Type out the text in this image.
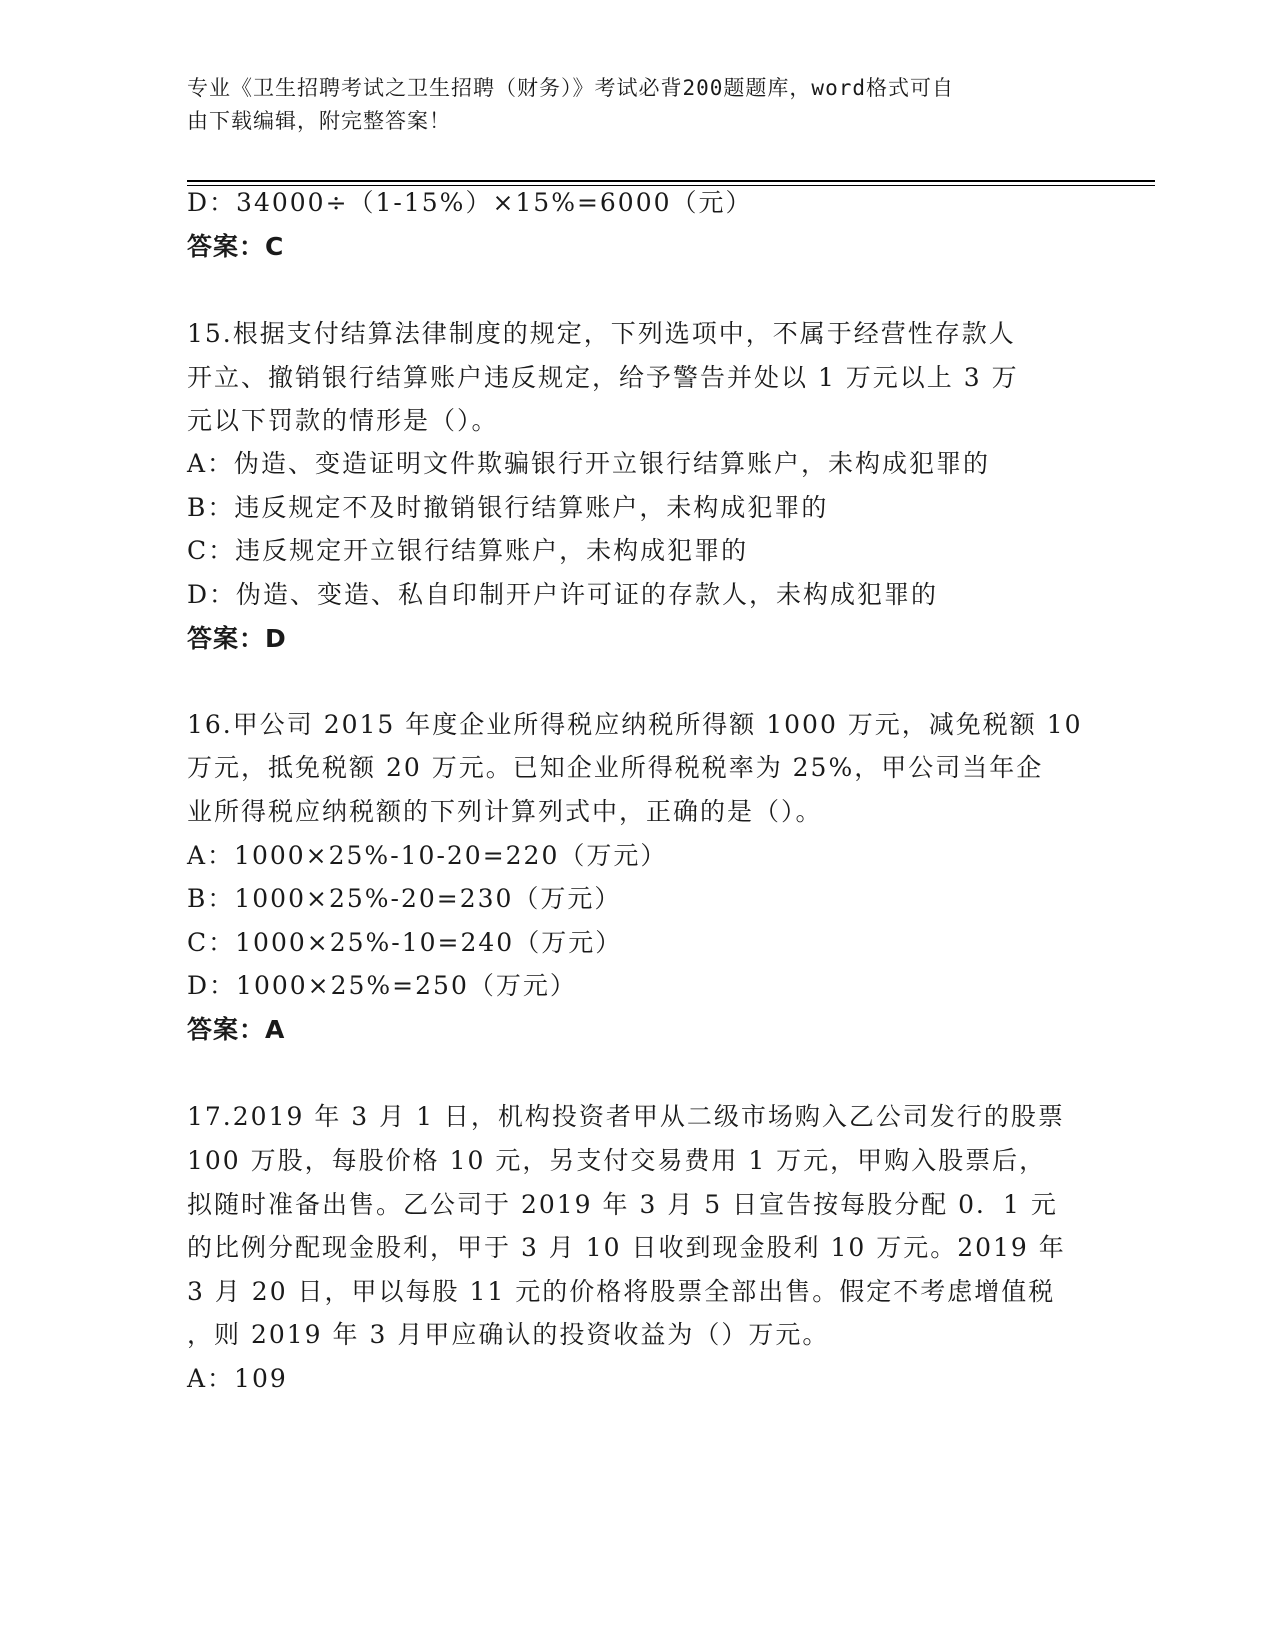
专业《卫生招聘考试之卫生招聘（财务）》考试必背200题题库，word格式可自
由下载编辑，附完整答案！
D：34000÷（1-15%）×15%=6000（元）
答案：C
15.根据支付结算法律制度的规定，下列选项中，不属于经营性存款人
开立、撤销银行结算账户违反规定，给予警告并处以 1 万元以上 3 万
元以下罚款的情形是（）。
A：伪造、变造证明文件欺骗银行开立银行结算账户，未构成犯罪的
B：违反规定不及时撤销银行结算账户，未构成犯罪的
C：违反规定开立银行结算账户，未构成犯罪的
D：伪造、变造、私自印制开户许可证的存款人，未构成犯罪的
答案：D
16.甲公司 2015 年度企业所得税应纳税所得额 1000 万元，减免税额 10
万元，抵免税额 20 万元。已知企业所得税税率为 25%，甲公司当年企
业所得税应纳税额的下列计算列式中，正确的是（）。
A：1000×25%-10-20=220（万元）
B：1000×25%-20=230（万元）
C：1000×25%-10=240（万元）
D：1000×25%=250（万元）
答案：A
17.2019 年 3 月 1 日，机构投资者甲从二级市场购入乙公司发行的股票
100 万股，每股价格 10 元，另支付交易费用 1 万元，甲购入股票后，
拟随时准备出售。乙公司于 2019 年 3 月 5 日宣告按每股分配 0．1 元
的比例分配现金股利，甲于 3 月 10 日收到现金股利 10 万元。2019 年
3 月 20 日，甲以每股 11 元的价格将股票全部出售。假定不考虑增值税
，则 2019 年 3 月甲应确认的投资收益为（）万元。
A：109
